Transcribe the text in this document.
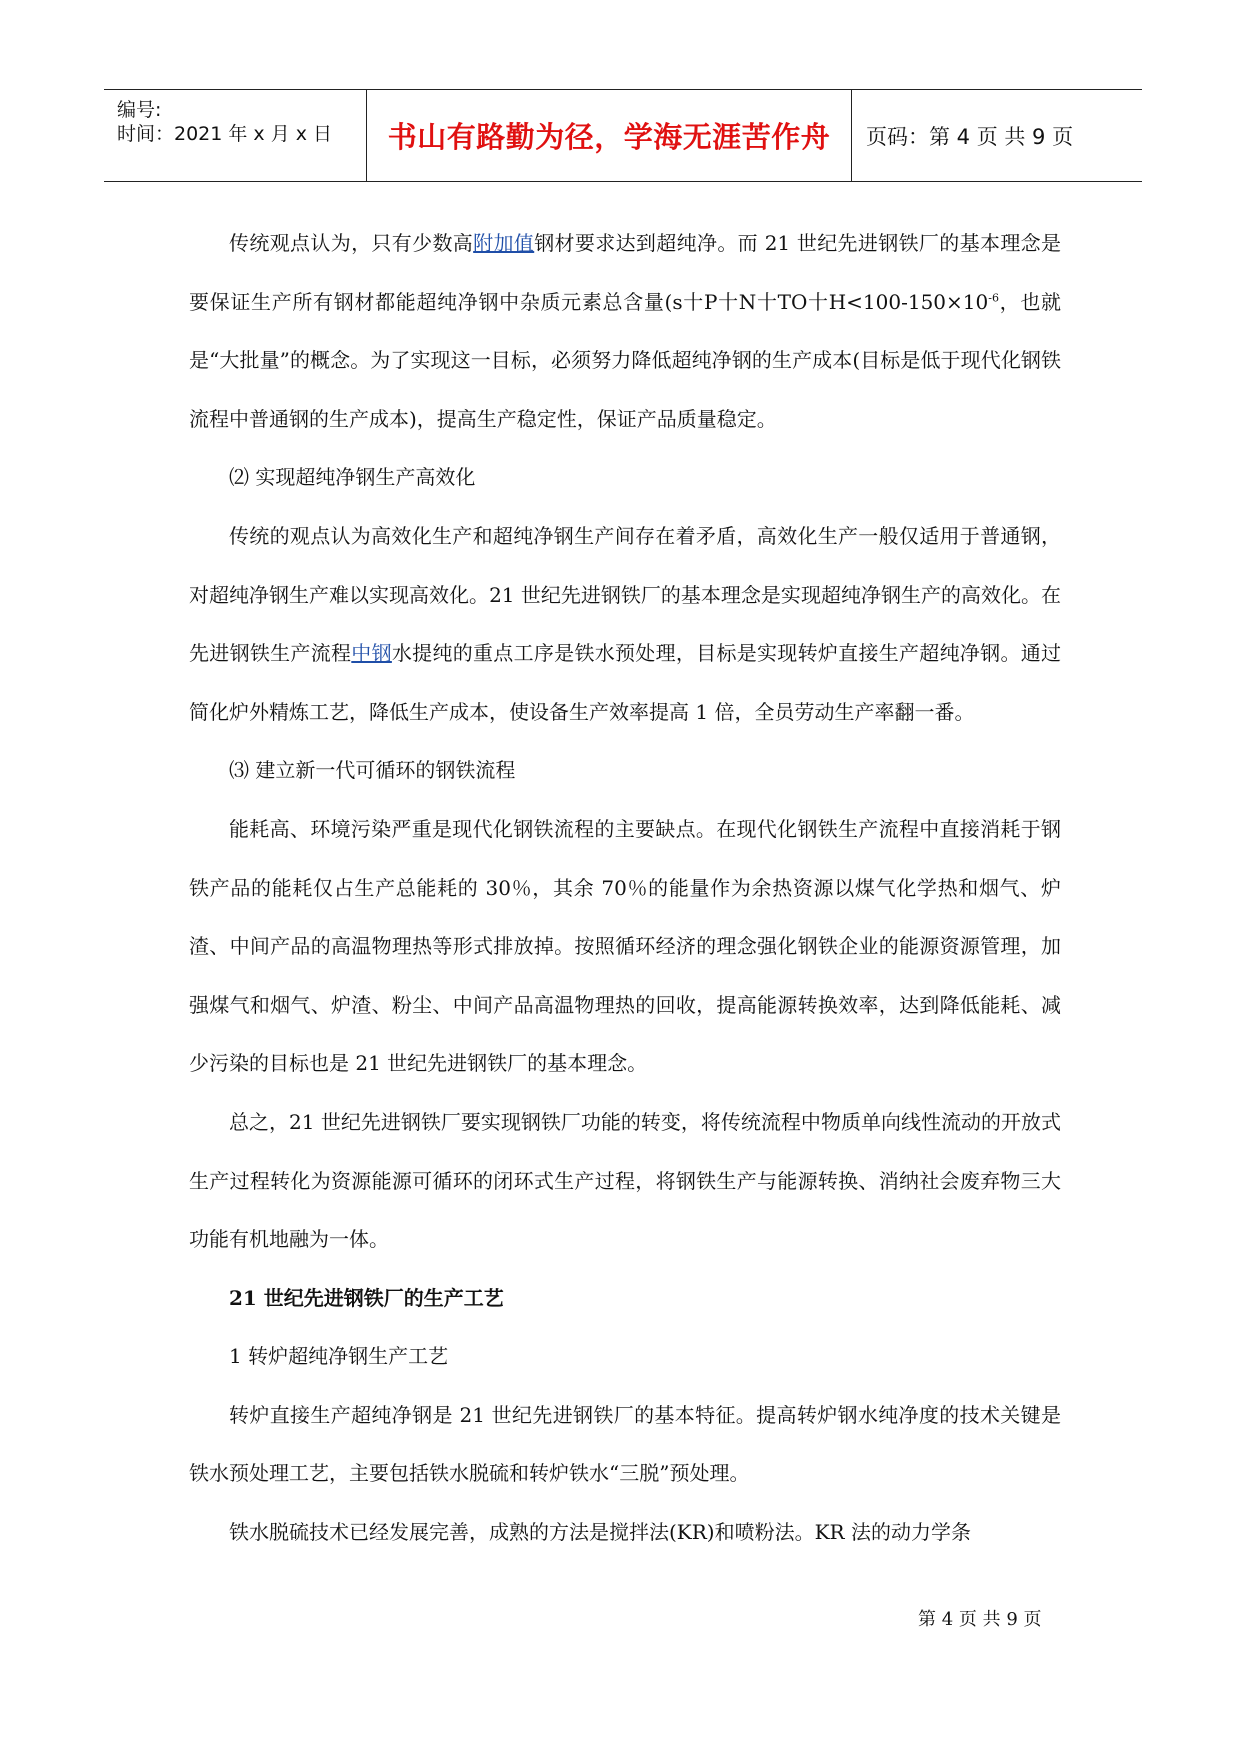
编号:
时间：2021 年 x 月 x 日	书山有路勤为径，学海无涯苦作舟	页码：第 4 页 共 9 页

传统观点认为，只有少数高附加值钢材要求达到超纯净。而 21 世纪先进钢铁厂的基本理念是要保证生产所有钢材都能超纯净钢中杂质元素总含量(s十P十N十TO十$H<100-150\times 10^{-6}$，也就是“大批量”的概念。为了实现这一目标，必须努力降低超纯净钢的生产成本(目标是低于现代化钢铁流程中普通钢的生产成本)，提高生产稳定性，保证产品质量稳定。

⑵ 实现超纯净钢生产高效化

传统的观点认为高效化生产和超纯净钢生产间存在着矛盾，高效化生产一般仅适用于普通钢，对超纯净钢生产难以实现高效化。21 世纪先进钢铁厂的基本理念是实现超纯净钢生产的高效化。在先进钢铁生产流程中钢水提纯的重点工序是铁水预处理，目标是实现转炉直接生产超纯净钢。通过简化炉外精炼工艺，降低生产成本，使设备生产效率提高 1 倍，全员劳动生产率翻一番。

⑶ 建立新一代可循环的钢铁流程

能耗高、环境污染严重是现代化钢铁流程的主要缺点。在现代化钢铁生产流程中直接消耗于钢铁产品的能耗仅占生产总能耗的 30％，其余 70％的能量作为余热资源以煤气化学热和烟气、炉渣、中间产品的高温物理热等形式排放掉。按照循环经济的理念强化钢铁企业的能源资源管理，加强煤气和烟气、炉渣、粉尘、中间产品高温物理热的回收，提高能源转换效率，达到降低能耗、减少污染的目标也是 21 世纪先进钢铁厂的基本理念。

总之，21 世纪先进钢铁厂要实现钢铁厂功能的转变，将传统流程中物质单向线性流动的开放式生产过程转化为资源能源可循环的闭环式生产过程，将钢铁生产与能源转换、消纳社会废弃物三大功能有机地融为一体。

21 世纪先进钢铁厂的生产工艺

1 转炉超纯净钢生产工艺

转炉直接生产超纯净钢是 21 世纪先进钢铁厂的基本特征。提高转炉钢水纯净度的技术关键是铁水预处理工艺，主要包括铁水脱硫和转炉铁水“三脱”预处理。

铁水脱硫技术已经发展完善，成熟的方法是搅拌法(KR)和喷粉法。KR 法的动力学条

第 4 页 共 9 页
